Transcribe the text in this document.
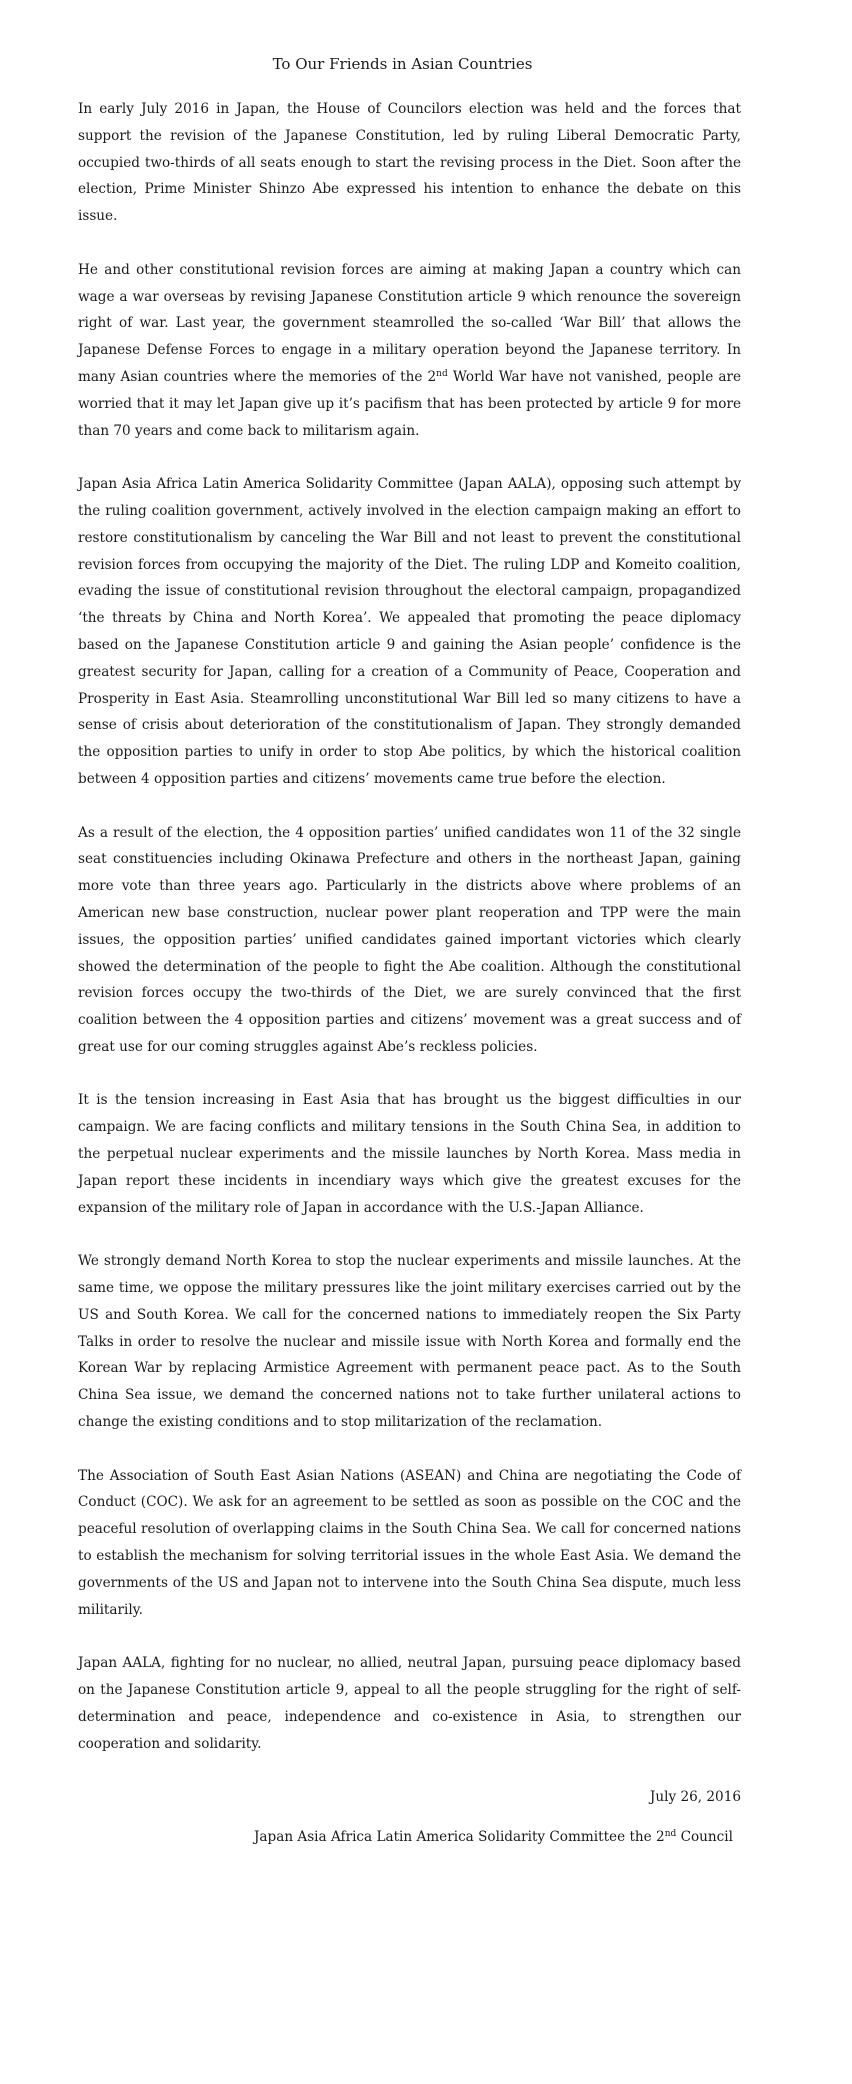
To Our Friends in Asian Countries

In early July 2016 in Japan, the House of Councilors election was held and the forces that support the revision of the Japanese Constitution, led by ruling Liberal Democratic Party, occupied two-thirds of all seats enough to start the revising process in the Diet. Soon after the election, Prime Minister Shinzo Abe expressed his intention to enhance the debate on this issue.

He and other constitutional revision forces are aiming at making Japan a country which can wage a war overseas by revising Japanese Constitution article 9 which renounce the sovereign right of war. Last year, the government steamrolled the so-called ‘War Bill’ that allows the Japanese Defense Forces to engage in a military operation beyond the Japanese territory. In many Asian countries where the memories of the 2nd World War have not vanished, people are worried that it may let Japan give up it’s pacifism that has been protected by article 9 for more than 70 years and come back to militarism again.

Japan Asia Africa Latin America Solidarity Committee (Japan AALA), opposing such attempt by the ruling coalition government, actively involved in the election campaign making an effort to restore constitutionalism by canceling the War Bill and not least to prevent the constitutional revision forces from occupying the majority of the Diet. The ruling LDP and Komeito coalition, evading the issue of constitutional revision throughout the electoral campaign, propagandized ‘the threats by China and North Korea’. We appealed that promoting the peace diplomacy based on the Japanese Constitution article 9 and gaining the Asian people’ confidence is the greatest security for Japan, calling for a creation of a Community of Peace, Cooperation and Prosperity in East Asia. Steamrolling unconstitutional War Bill led so many citizens to have a sense of crisis about deterioration of the constitutionalism of Japan. They strongly demanded the opposition parties to unify in order to stop Abe politics, by which the historical coalition between 4 opposition parties and citizens’ movements came true before the election.

As a result of the election, the 4 opposition parties’ unified candidates won 11 of the 32 single seat constituencies including Okinawa Prefecture and others in the northeast Japan, gaining more vote than three years ago. Particularly in the districts above where problems of an American new base construction, nuclear power plant reoperation and TPP were the main issues, the opposition parties’ unified candidates gained important victories which clearly showed the determination of the people to fight the Abe coalition. Although the constitutional revision forces occupy the two-thirds of the Diet, we are surely convinced that the first coalition between the 4 opposition parties and citizens’ movement was a great success and of great use for our coming struggles against Abe’s reckless policies.

It is the tension increasing in East Asia that has brought us the biggest difficulties in our campaign. We are facing conflicts and military tensions in the South China Sea, in addition to the perpetual nuclear experiments and the missile launches by North Korea. Mass media in Japan report these incidents in incendiary ways which give the greatest excuses for the expansion of the military role of Japan in accordance with the U.S.-Japan Alliance.

We strongly demand North Korea to stop the nuclear experiments and missile launches. At the same time, we oppose the military pressures like the joint military exercises carried out by the US and South Korea. We call for the concerned nations to immediately reopen the Six Party Talks in order to resolve the nuclear and missile issue with North Korea and formally end the Korean War by replacing Armistice Agreement with permanent peace pact. As to the South China Sea issue, we demand the concerned nations not to take further unilateral actions to change the existing conditions and to stop militarization of the reclamation.

The Association of South East Asian Nations (ASEAN) and China are negotiating the Code of Conduct (COC). We ask for an agreement to be settled as soon as possible on the COC and the peaceful resolution of overlapping claims in the South China Sea. We call for concerned nations to establish the mechanism for solving territorial issues in the whole East Asia. We demand the governments of the US and Japan not to intervene into the South China Sea dispute, much less militarily.

Japan AALA, fighting for no nuclear, no allied, neutral Japan, pursuing peace diplomacy based on the Japanese Constitution article 9, appeal to all the people struggling for the right of self-determination and peace, independence and co-existence in Asia, to strengthen our cooperation and solidarity.

July 26, 2016
Japan Asia Africa Latin America Solidarity Committee the 2nd Council
